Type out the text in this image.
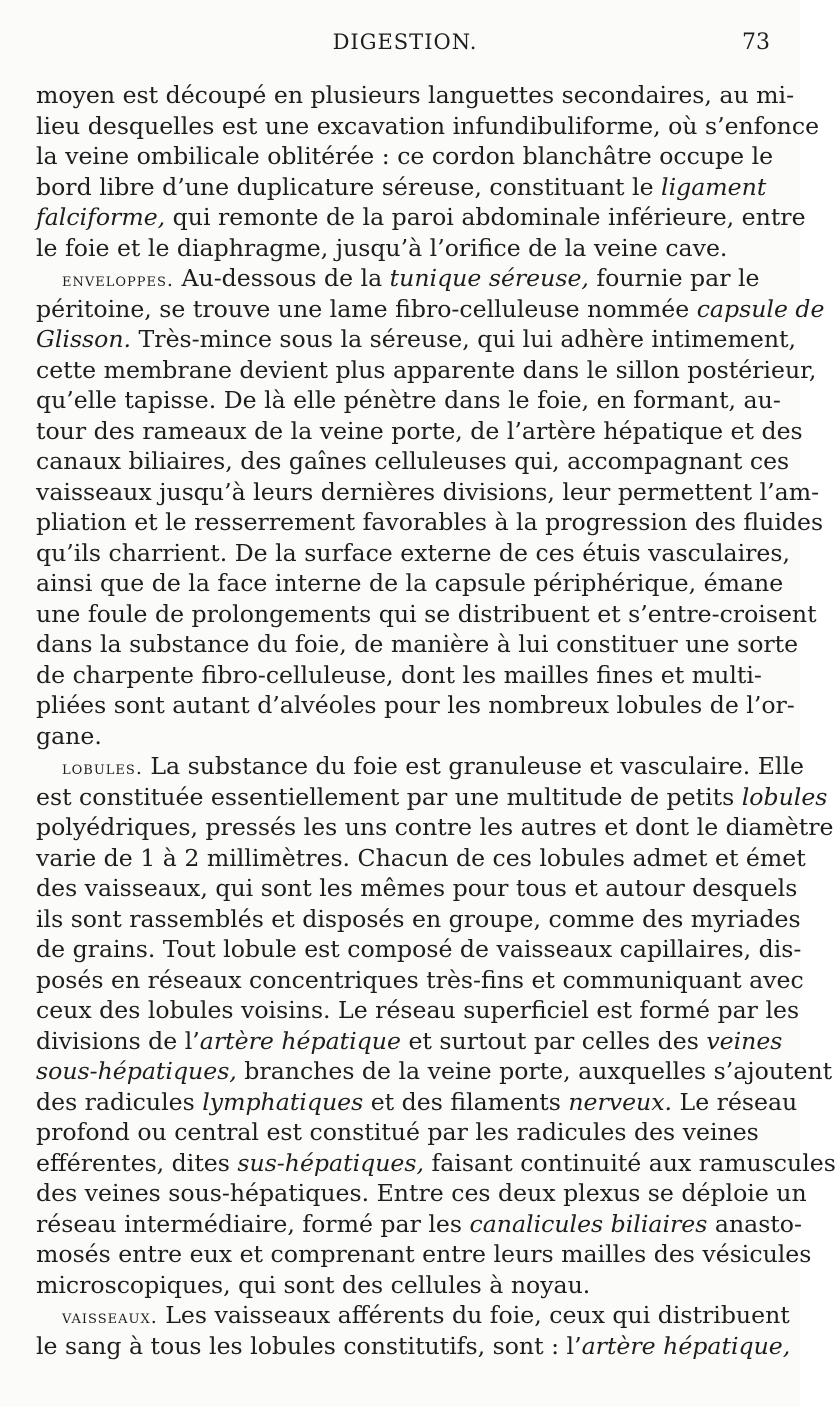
DIGESTION.	73
moyen est découpé en plusieurs languettes secondaires, au mi-
lieu desquelles est une excavation infundibuliforme, où s’enfonce
la veine ombilicale oblitérée : ce cordon blanchâtre occupe le
bord libre d’une duplicature séreuse, constituant le ligament
falciforme, qui remonte de la paroi abdominale inférieure, entre
le foie et le diaphragme, jusqu’à l’orifice de la veine cave.
enveloppes. Au-dessous de la tunique séreuse, fournie par le
péritoine, se trouve une lame fibro-celluleuse nommée capsule de
Glisson. Très-mince sous la séreuse, qui lui adhère intimement,
cette membrane devient plus apparente dans le sillon postérieur,
qu’elle tapisse. De là elle pénètre dans le foie, en formant, au-
tour des rameaux de la veine porte, de l’artère hépatique et des
canaux biliaires, des gaînes celluleuses qui, accompagnant ces
vaisseaux jusqu’à leurs dernières divisions, leur permettent l’am-
pliation et le resserrement favorables à la progression des fluides
qu’ils charrient. De la surface externe de ces étuis vasculaires,
ainsi que de la face interne de la capsule périphérique, émane
une foule de prolongements qui se distribuent et s’entre-croisent
dans la substance du foie, de manière à lui constituer une sorte
de charpente fibro-celluleuse, dont les mailles fines et multi-
pliées sont autant d’alvéoles pour les nombreux lobules de l’or-
gane.
lobules. La substance du foie est granuleuse et vasculaire. Elle
est constituée essentiellement par une multitude de petits lobules
polyédriques, pressés les uns contre les autres et dont le diamètre
varie de 1 à 2 millimètres. Chacun de ces lobules admet et émet
des vaisseaux, qui sont les mêmes pour tous et autour desquels
ils sont rassemblés et disposés en groupe, comme des myriades
de grains. Tout lobule est composé de vaisseaux capillaires, dis-
posés en réseaux concentriques très-fins et communiquant avec
ceux des lobules voisins. Le réseau superficiel est formé par les
divisions de l’artère hépatique et surtout par celles des veines
sous-hépatiques, branches de la veine porte, auxquelles s’ajoutent
des radicules lymphatiques et des filaments nerveux. Le réseau
profond ou central est constitué par les radicules des veines
efférentes, dites sus-hépatiques, faisant continuité aux ramuscules
des veines sous-hépatiques. Entre ces deux plexus se déploie un
réseau intermédiaire, formé par les canalicules biliaires anasto-
mosés entre eux et comprenant entre leurs mailles des vésicules
microscopiques, qui sont des cellules à noyau.
vaisseaux. Les vaisseaux afférents du foie, ceux qui distribuent
le sang à tous les lobules constitutifs, sont : l’artère hépatique,
